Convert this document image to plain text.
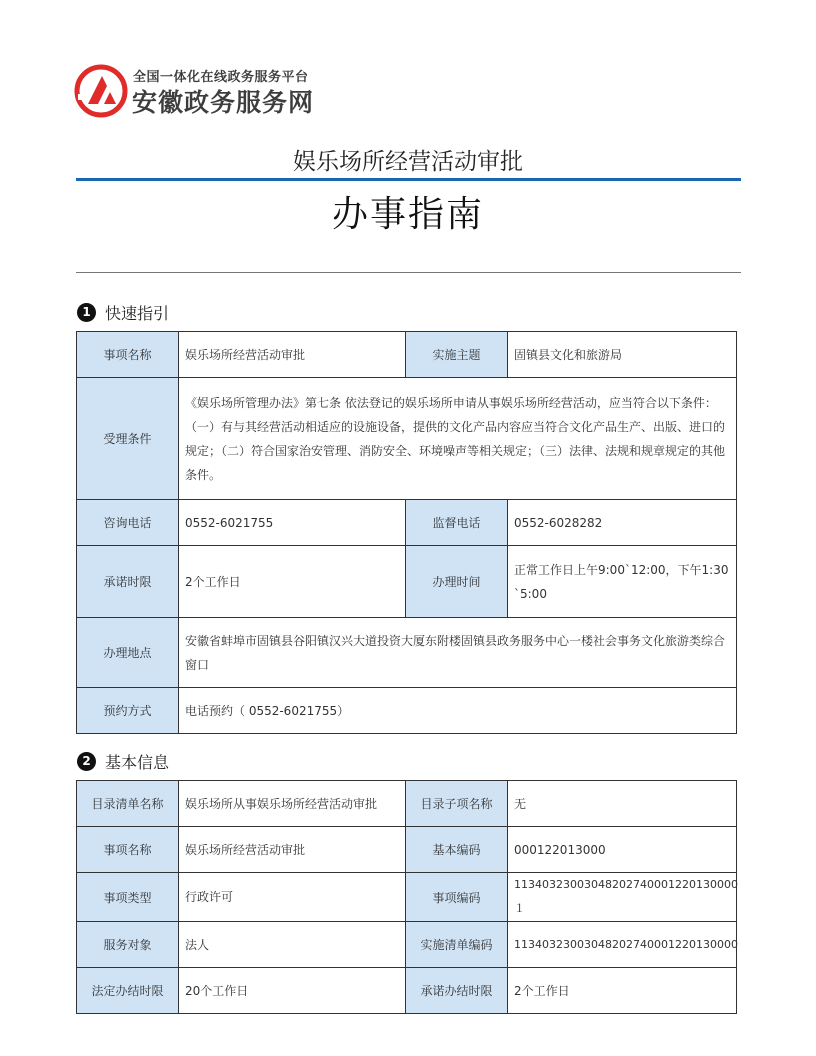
全国一体化在线政务服务平台
安徽政务服务网
娱乐场所经营活动审批
办事指南
1 快速指引
事项名称	娱乐场所经营活动审批	实施主题	固镇县文化和旅游局
受理条件	《娱乐场所管理办法》第七条 依法登记的娱乐场所申请从事娱乐场所经营活动，应当符合以下条件：（一）有与其经营活动相适应的设施设备，提供的文化产品内容应当符合文化产品生产、出版、进口的规定；（二）符合国家治安管理、消防安全、环境噪声等相关规定；（三）法律、法规和规章规定的其他条件。		
咨询电话	0552-6021755	监督电话	0552-6028282
承诺时限	2个工作日	办理时间	正常工作日上午9:00`12:00，下午1:30`5:00
办理地点	安徽省蚌埠市固镇县谷阳镇汉兴大道投资大厦东附楼固镇县政务服务中心一楼社会事务文化旅游类综合窗口		
预约方式	电话预约（ 0552-6021755）		
2 基本信息
目录清单名称	娱乐场所从事娱乐场所经营活动审批	目录子项名称	无
事项名称	娱乐场所经营活动审批	基本编码	000122013000
事项类型	行政许可	事项编码	11340323003048202740001220130000１
服务对象	法人	实施清单编码	11340323003048202740001220130000
法定办结时限	20个工作日	承诺办结时限	2个工作日
